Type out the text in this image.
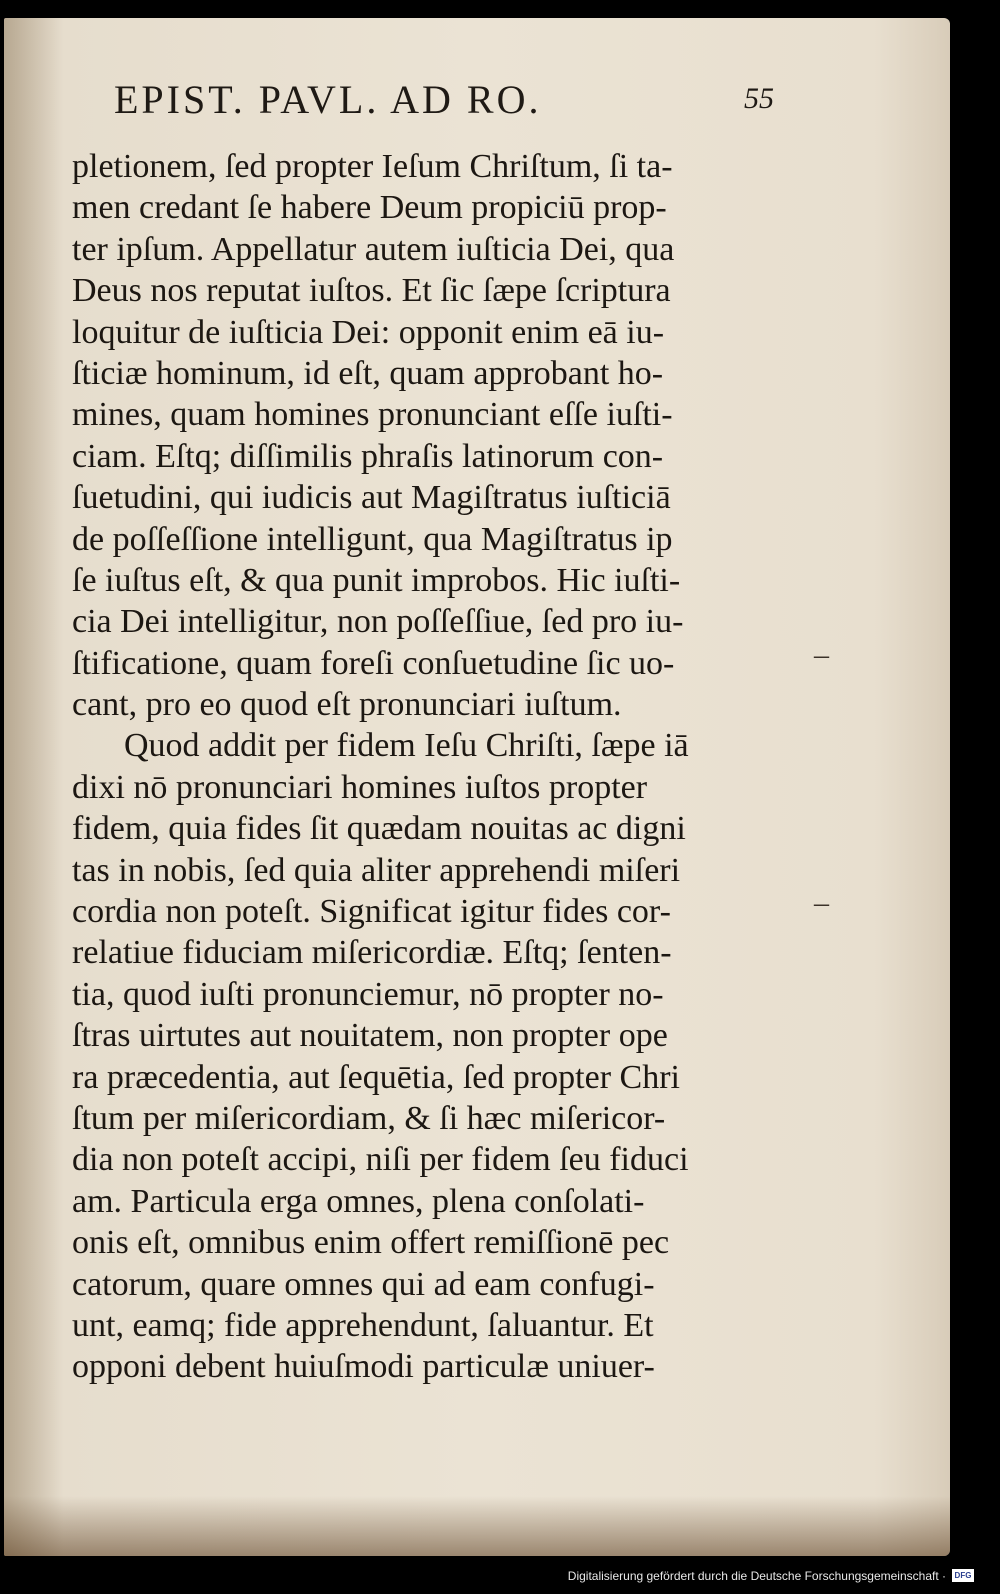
EPIST. PAVL. AD RO.	55
pletionem, ſed propter Ieſum Chriſtum, ſi ta-
men credant ſe habere Deum propiciū prop-
ter ipſum. Appellatur autem iuſticia Dei, qua
Deus nos reputat iuſtos. Et ſic ſæpe ſcriptura
loquitur de iuſticia Dei: opponit enim eā iu-
ſticiæ hominum, id eſt, quam approbant ho-
mines, quam homines pronunciant eſſe iuſti-
ciam. Eſtq; diſſimilis phraſis latinorum con-
ſuetudini, qui iudicis aut Magiſtratus iuſticiā
de poſſeſſione intelligunt, qua Magiſtratus ip
ſe iuſtus eſt, & qua punit improbos. Hic iuſti-
cia Dei intelligitur, non poſſeſſiue, ſed pro iu-
ſtificatione, quam foreſi conſuetudine ſic uo-
cant, pro eo quod eſt pronunciari iuſtum.
Quod addit per fidem Ieſu Chriſti, ſæpe iā
dixi nō pronunciari homines iuſtos propter
fidem, quia fides ſit quædam nouitas ac digni
tas in nobis, ſed quia aliter apprehendi miſeri
cordia non poteſt. Significat igitur fides cor-
relatiue fiduciam miſericordiæ. Eſtq; ſenten-
tia, quod iuſti pronunciemur, nō propter no-
ſtras uirtutes aut nouitatem, non propter ope
ra præcedentia, aut ſequētia, ſed propter Chri
ſtum per miſericordiam, & ſi hæc miſericor-
dia non poteſt accipi, niſi per fidem ſeu fiduci
am. Particula erga omnes, plena conſolati-
onis eſt, omnibus enim offert remiſſionē pec
catorum, quare omnes qui ad eam confugi-
unt, eamq; fide apprehendunt, ſaluantur. Et
opponi debent huiuſmodi particulæ uniuer-
–
–
Digitalisierung gefördert durch die Deutsche Forschungsgemeinschaft ·	DFG
